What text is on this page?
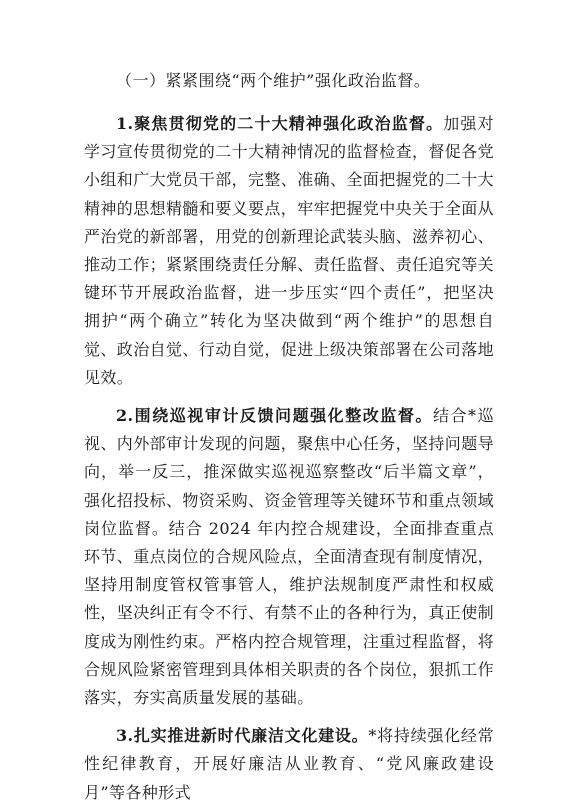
（一）紧紧围绕“两个维护”强化政治监督。

1.聚焦贯彻党的二十大精神强化政治监督。加强对学习宣传贯彻党的二十大精神情况的监督检查，督促各党小组和广大党员干部，完整、准确、全面把握党的二十大精神的思想精髓和要义要点，牢牢把握党中央关于全面从严治党的新部署，用党的创新理论武装头脑、滋养初心、推动工作；紧紧围绕责任分解、责任监督、责任追究等关键环节开展政治监督，进一步压实“四个责任”，把坚决拥护“两个确立”转化为坚决做到“两个维护”的思想自觉、政治自觉、行动自觉，促进上级决策部署在公司落地见效。

2.围绕巡视审计反馈问题强化整改监督。结合*巡视、内外部审计发现的问题，聚焦中心任务，坚持问题导向，举一反三，推深做实巡视巡察整改“后半篇文章”，强化招投标、物资采购、资金管理等关键环节和重点领域岗位监督。结合 2024 年内控合规建设，全面排查重点环节、重点岗位的合规风险点，全面清查现有制度情况，坚持用制度管权管事管人，维护法规制度严肃性和权威性，坚决纠正有令不行、有禁不止的各种行为，真正使制度成为刚性约束。严格内控合规管理，注重过程监督，将合规风险紧密管理到具体相关职责的各个岗位，狠抓工作落实，夯实高质量发展的基础。

3.扎实推进新时代廉洁文化建设。*将持续强化经常性纪律教育，开展好廉洁从业教育、“党风廉政建设月”等各种形式
